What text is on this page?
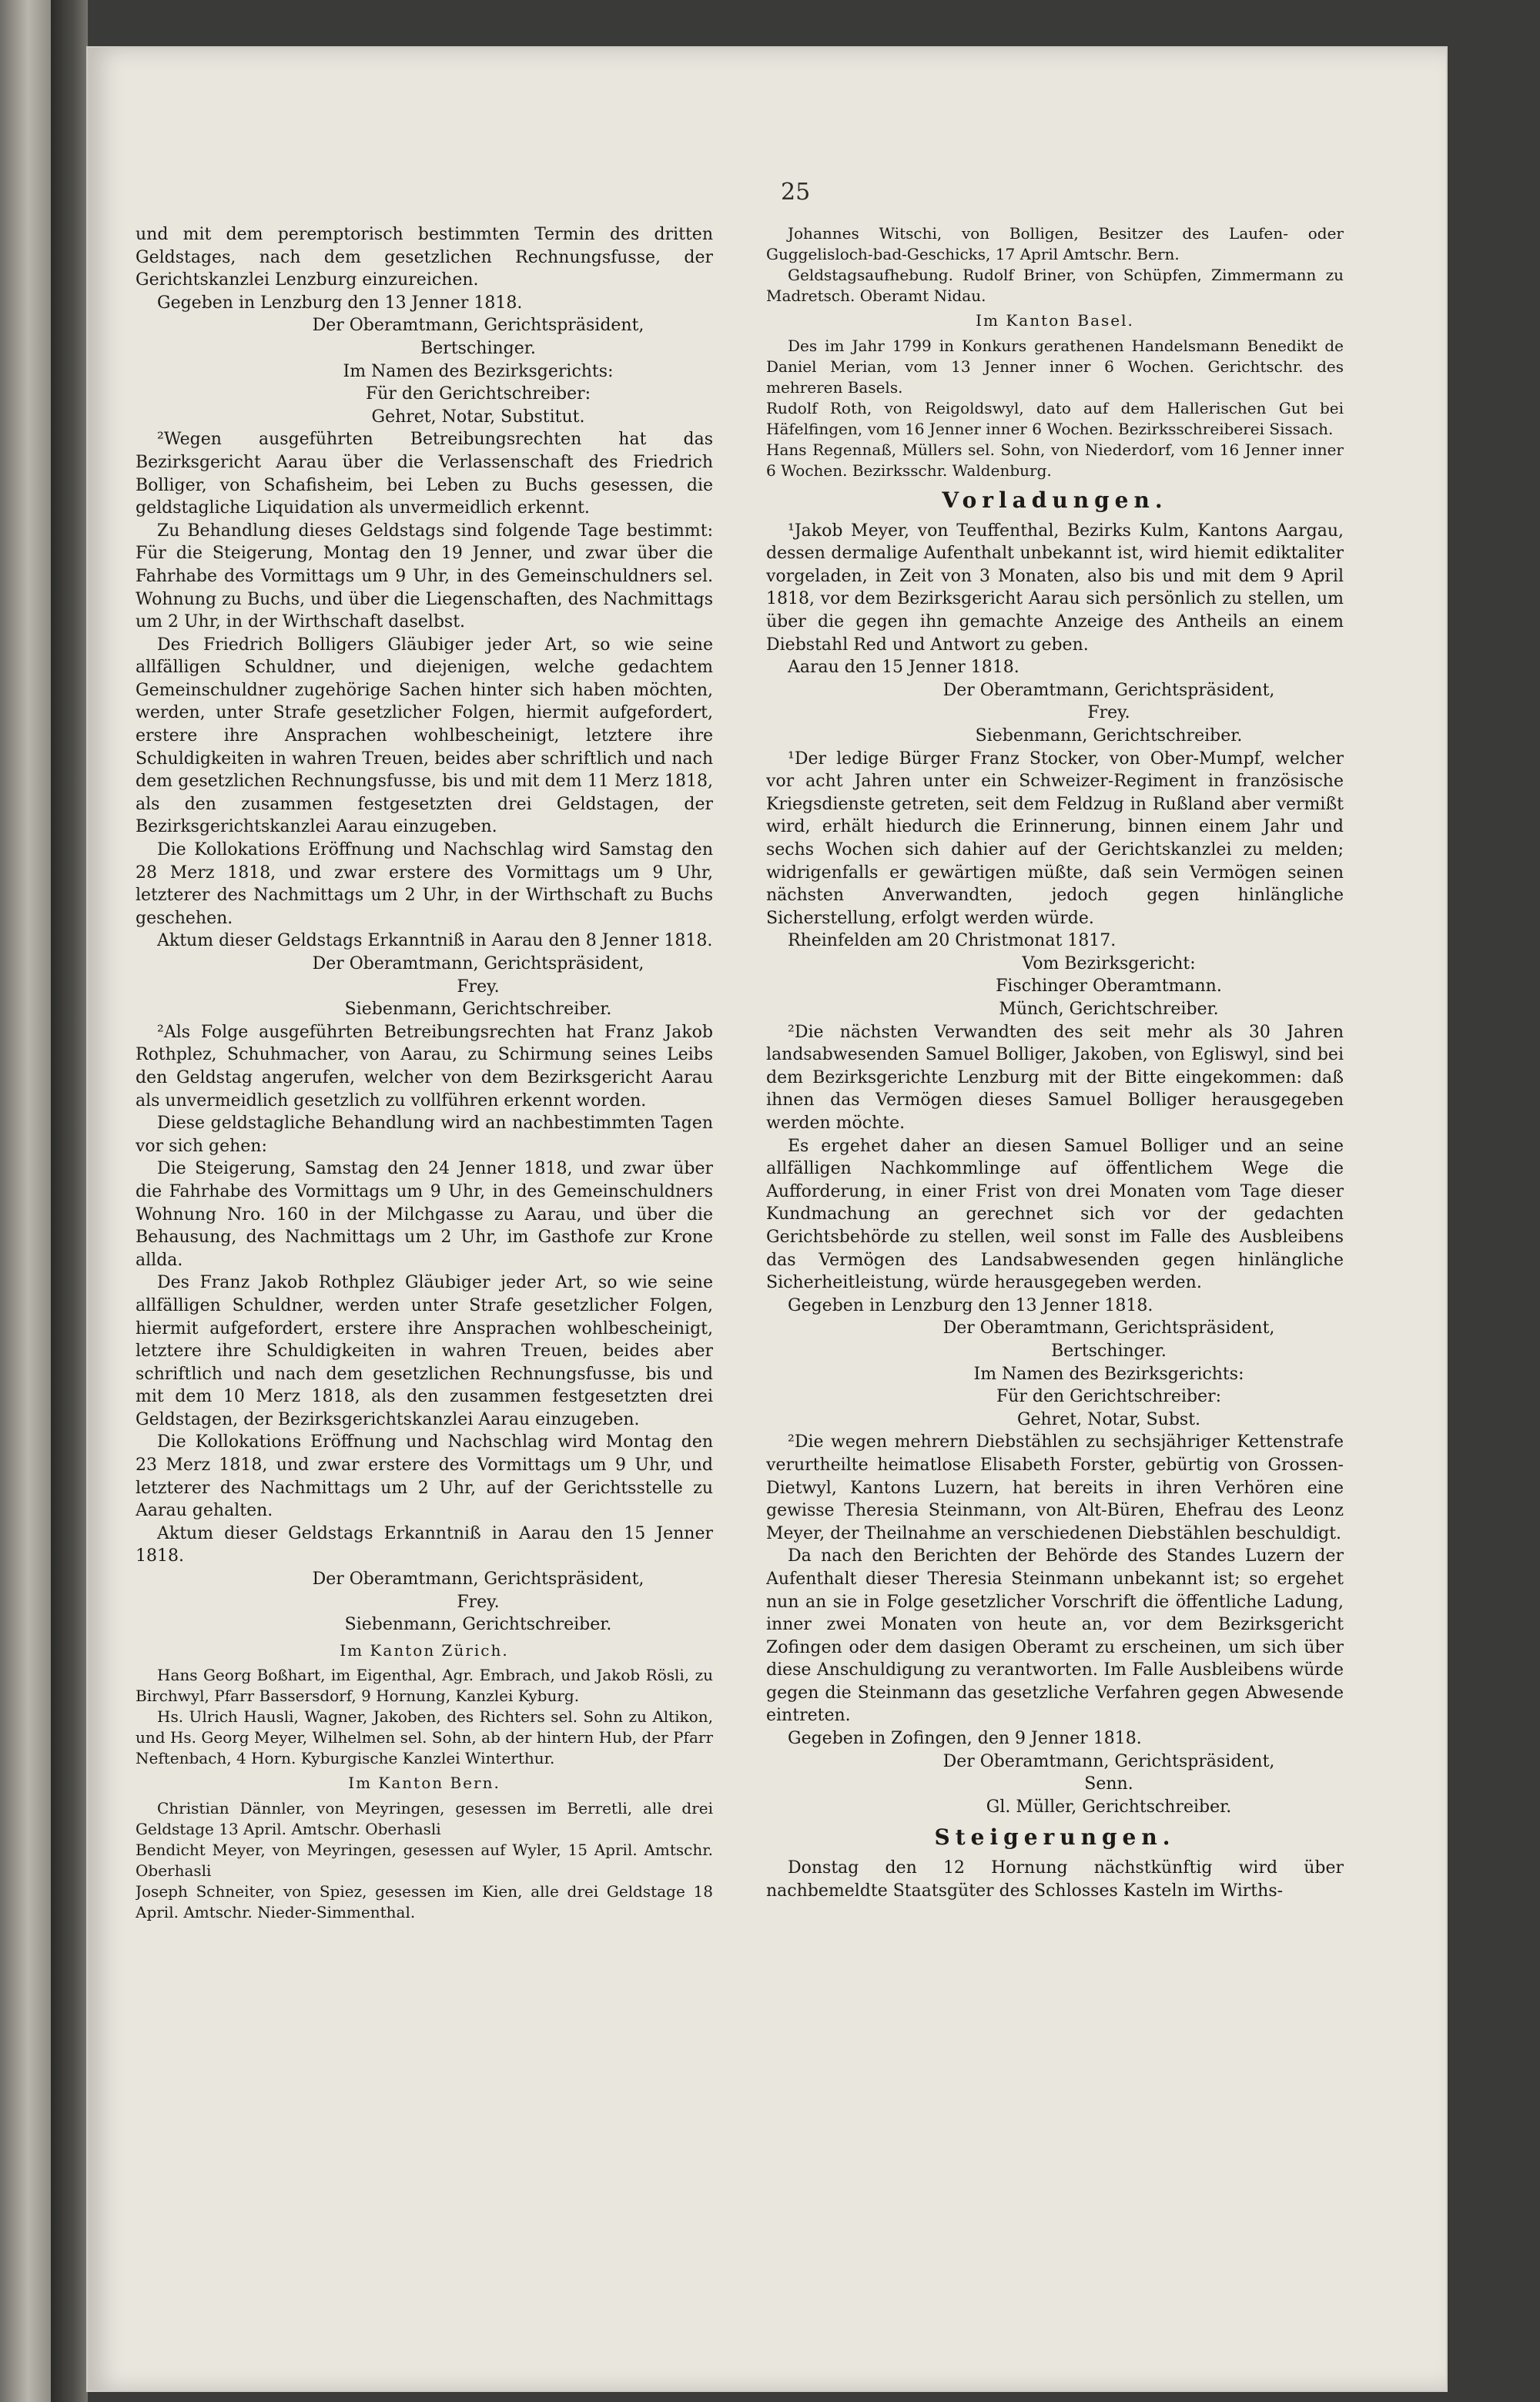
25

und mit dem peremptorisch bestimmten Termin des dritten Geldstages, nach dem gesetzlichen Rechnungsfusse, der Gerichtskanzlei Lenzburg einzureichen.

Gegeben in Lenzburg den 13 Jenner 1818.

Der Oberamtmann, Gerichtspräsident,

Bertschinger.

Im Namen des Bezirksgerichts:

Für den Gerichtschreiber:

Gehret, Notar, Substitut.

²Wegen ausgeführten Betreibungsrechten hat das Bezirksgericht Aarau über die Verlassenschaft des Friedrich Bolliger, von Schafisheim, bei Leben zu Buchs gesessen, die geldstagliche Liquidation als unvermeidlich erkennt.

Zu Behandlung dieses Geldstags sind folgende Tage bestimmt: Für die Steigerung, Montag den 19 Jenner, und zwar über die Fahrhabe des Vormittags um 9 Uhr, in des Gemeinschuldners sel. Wohnung zu Buchs, und über die Liegenschaften, des Nachmittags um 2 Uhr, in der Wirthschaft daselbst.

Des Friedrich Bolligers Gläubiger jeder Art, so wie seine allfälligen Schuldner, und diejenigen, welche gedachtem Gemeinschuldner zugehörige Sachen hinter sich haben möchten, werden, unter Strafe gesetzlicher Folgen, hiermit aufgefordert, erstere ihre Ansprachen wohlbescheinigt, letztere ihre Schuldigkeiten in wahren Treuen, beides aber schriftlich und nach dem gesetzlichen Rechnungsfusse, bis und mit dem 11 Merz 1818, als den zusammen festgesetzten drei Geldstagen, der Bezirksgerichtskanzlei Aarau einzugeben.

Die Kollokations Eröffnung und Nachschlag wird Samstag den 28 Merz 1818, und zwar erstere des Vormittags um 9 Uhr, letzterer des Nachmittags um 2 Uhr, in der Wirthschaft zu Buchs geschehen.

Aktum dieser Geldstags Erkanntniß in Aarau den 8 Jenner 1818.

Der Oberamtmann, Gerichtspräsident,

Frey.

Siebenmann, Gerichtschreiber.

²Als Folge ausgeführten Betreibungsrechten hat Franz Jakob Rothplez, Schuhmacher, von Aarau, zu Schirmung seines Leibs den Geldstag angerufen, welcher von dem Bezirksgericht Aarau als unvermeidlich gesetzlich zu vollführen erkennt worden.

Diese geldstagliche Behandlung wird an nachbestimmten Tagen vor sich gehen:

Die Steigerung, Samstag den 24 Jenner 1818, und zwar über die Fahrhabe des Vormittags um 9 Uhr, in des Gemeinschuldners Wohnung Nro. 160 in der Milchgasse zu Aarau, und über die Behausung, des Nachmittags um 2 Uhr, im Gasthofe zur Krone allda.

Des Franz Jakob Rothplez Gläubiger jeder Art, so wie seine allfälligen Schuldner, werden unter Strafe gesetzlicher Folgen, hiermit aufgefordert, erstere ihre Ansprachen wohlbescheinigt, letztere ihre Schuldigkeiten in wahren Treuen, beides aber schriftlich und nach dem gesetzlichen Rechnungsfusse, bis und mit dem 10 Merz 1818, als den zusammen festgesetzten drei Geldstagen, der Bezirksgerichtskanzlei Aarau einzugeben.

Die Kollokations Eröffnung und Nachschlag wird Montag den 23 Merz 1818, und zwar erstere des Vormittags um 9 Uhr, und letzterer des Nachmittags um 2 Uhr, auf der Gerichtsstelle zu Aarau gehalten.

Aktum dieser Geldstags Erkanntniß in Aarau den 15 Jenner 1818.

Der Oberamtmann, Gerichtspräsident,

Frey.

Siebenmann, Gerichtschreiber.

Im Kanton Zürich.

Hans Georg Boßhart, im Eigenthal, Agr. Embrach, und Jakob Rösli, zu Birchwyl, Pfarr Bassersdorf, 9 Hornung, Kanzlei Kyburg.

Hs. Ulrich Hausli, Wagner, Jakoben, des Richters sel. Sohn zu Altikon, und Hs. Georg Meyer, Wilhelmen sel. Sohn, ab der hintern Hub, der Pfarr Neftenbach, 4 Horn. Kyburgische Kanzlei Winterthur.

Im Kanton Bern.

Christian Dännler, von Meyringen, gesessen im Berretli, alle drei Geldstage 13 April. Amtschr. Oberhasli

Bendicht Meyer, von Meyringen, gesessen auf Wyler, 15 April. Amtschr. Oberhasli

Joseph Schneiter, von Spiez, gesessen im Kien, alle drei Geldstage 18 April. Amtschr. Nieder-Simmenthal.

Johannes Witschi, von Bolligen, Besitzer des Laufen- oder Guggelisloch-bad-Geschicks, 17 April Amtschr. Bern.

Geldstagsaufhebung. Rudolf Briner, von Schüpfen, Zimmermann zu Madretsch. Oberamt Nidau.

Im Kanton Basel.

Des im Jahr 1799 in Konkurs gerathenen Handelsmann Benedikt de Daniel Merian, vom 13 Jenner inner 6 Wochen. Gerichtschr. des mehreren Basels.

Rudolf Roth, von Reigoldswyl, dato auf dem Hallerischen Gut bei Häfelfingen, vom 16 Jenner inner 6 Wochen. Bezirksschreiberei Sissach.

Hans Regennaß, Müllers sel. Sohn, von Niederdorf, vom 16 Jenner inner 6 Wochen. Bezirksschr. Waldenburg.

Vorladungen.

¹Jakob Meyer, von Teuffenthal, Bezirks Kulm, Kantons Aargau, dessen dermalige Aufenthalt unbekannt ist, wird hiemit ediktaliter vorgeladen, in Zeit von 3 Monaten, also bis und mit dem 9 April 1818, vor dem Bezirksgericht Aarau sich persönlich zu stellen, um über die gegen ihn gemachte Anzeige des Antheils an einem Diebstahl Red und Antwort zu geben.

Aarau den 15 Jenner 1818.

Der Oberamtmann, Gerichtspräsident,

Frey.

Siebenmann, Gerichtschreiber.

¹Der ledige Bürger Franz Stocker, von Ober-Mumpf, welcher vor acht Jahren unter ein Schweizer-Regiment in französische Kriegsdienste getreten, seit dem Feldzug in Rußland aber vermißt wird, erhält hiedurch die Erinnerung, binnen einem Jahr und sechs Wochen sich dahier auf der Gerichtskanzlei zu melden; widrigenfalls er gewärtigen müßte, daß sein Vermögen seinen nächsten Anverwandten, jedoch gegen hinlängliche Sicherstellung, erfolgt werden würde.

Rheinfelden am 20 Christmonat 1817.

Vom Bezirksgericht:

Fischinger Oberamtmann.

Münch, Gerichtschreiber.

²Die nächsten Verwandten des seit mehr als 30 Jahren landsabwesenden Samuel Bolliger, Jakoben, von Egliswyl, sind bei dem Bezirksgerichte Lenzburg mit der Bitte eingekommen: daß ihnen das Vermögen dieses Samuel Bolliger herausgegeben werden möchte.

Es ergehet daher an diesen Samuel Bolliger und an seine allfälligen Nachkommlinge auf öffentlichem Wege die Aufforderung, in einer Frist von drei Monaten vom Tage dieser Kundmachung an gerechnet sich vor der gedachten Gerichtsbehörde zu stellen, weil sonst im Falle des Ausbleibens das Vermögen des Landsabwesenden gegen hinlängliche Sicherheitleistung, würde herausgegeben werden.

Gegeben in Lenzburg den 13 Jenner 1818.

Der Oberamtmann, Gerichtspräsident,

Bertschinger.

Im Namen des Bezirksgerichts:

Für den Gerichtschreiber:

Gehret, Notar, Subst.

²Die wegen mehrern Diebstählen zu sechsjähriger Kettenstrafe verurtheilte heimatlose Elisabeth Forster, gebürtig von Grossen-Dietwyl, Kantons Luzern, hat bereits in ihren Verhören eine gewisse Theresia Steinmann, von Alt-Büren, Ehefrau des Leonz Meyer, der Theilnahme an verschiedenen Diebstählen beschuldigt.

Da nach den Berichten der Behörde des Standes Luzern der Aufenthalt dieser Theresia Steinmann unbekannt ist; so ergehet nun an sie in Folge gesetzlicher Vorschrift die öffentliche Ladung, inner zwei Monaten von heute an, vor dem Bezirksgericht Zofingen oder dem dasigen Oberamt zu erscheinen, um sich über diese Anschuldigung zu verantworten. Im Falle Ausbleibens würde gegen die Steinmann das gesetzliche Verfahren gegen Abwesende eintreten.

Gegeben in Zofingen, den 9 Jenner 1818.

Der Oberamtmann, Gerichtspräsident,

Senn.

Gl. Müller, Gerichtschreiber.

Steigerungen.

Donstag den 12 Hornung nächstkünftig wird über nachbemeldte Staatsgüter des Schlosses Kasteln im Wirths-
